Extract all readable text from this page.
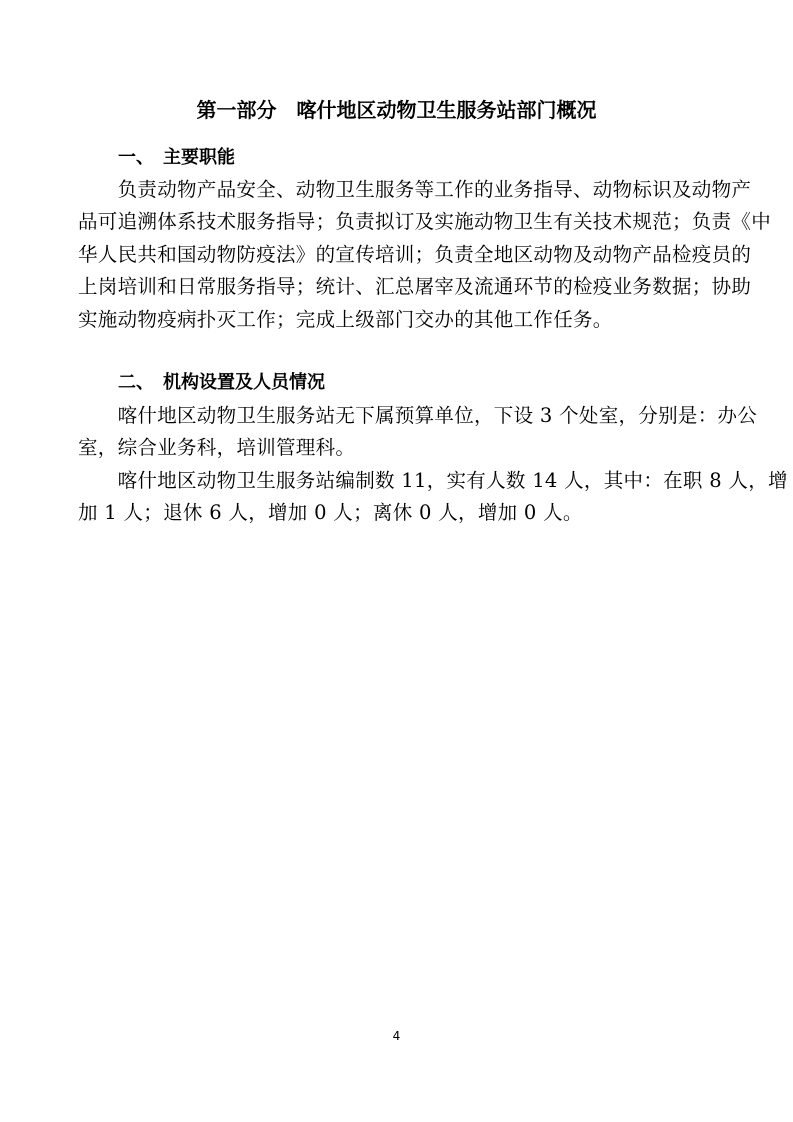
第一部分　喀什地区动物卫生服务站部门概况
一、　主要职能
　　负责动物产品安全、动物卫生服务等工作的业务指导、动物标识及动物产
品可追溯体系技术服务指导；负责拟订及实施动物卫生有关技术规范；负责《中
华人民共和国动物防疫法》的宣传培训；负责全地区动物及动物产品检疫员的
上岗培训和日常服务指导；统计、汇总屠宰及流通环节的检疫业务数据；协助
实施动物疫病扑灭工作；完成上级部门交办的其他工作任务。
二、　机构设置及人员情况
　　喀什地区动物卫生服务站无下属预算单位，下设 3 个处室，分别是：办公
室，综合业务科，培训管理科。
　　喀什地区动物卫生服务站编制数 11，实有人数 14 人，其中：在职 8 人，增
加 1 人；退休 6 人，增加 0 人；离休 0 人，增加 0 人。
4
